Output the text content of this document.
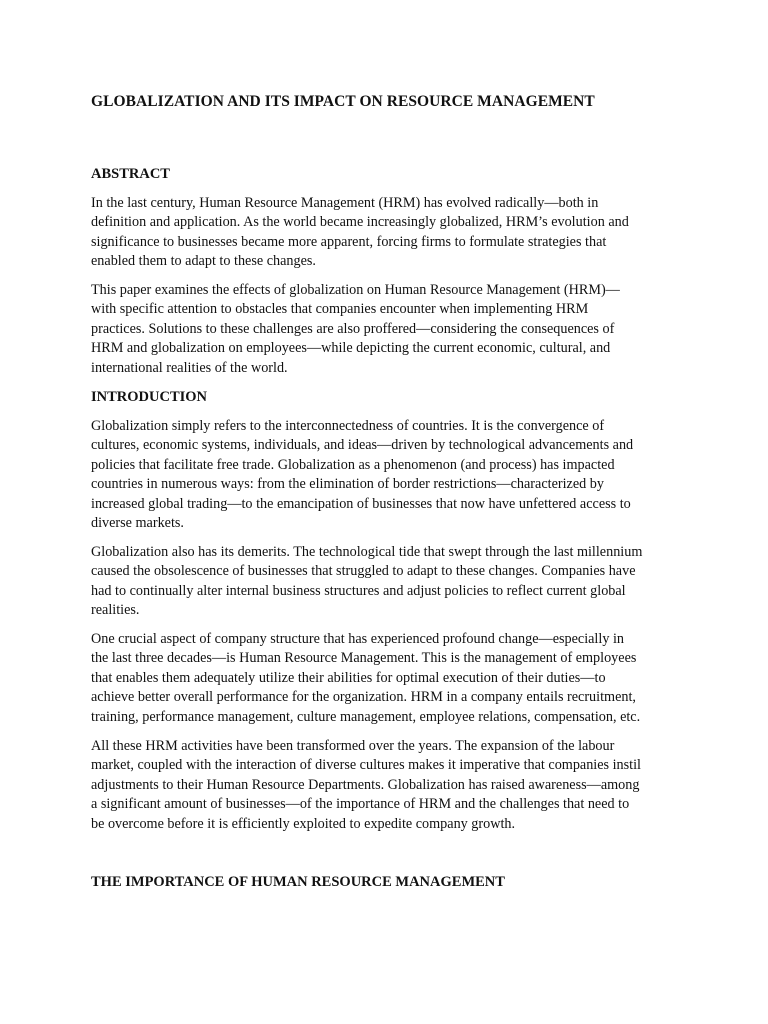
GLOBALIZATION AND ITS IMPACT ON RESOURCE MANAGEMENT
ABSTRACT

In the last century, Human Resource Management (HRM) has evolved radically—both in
definition and application. As the world became increasingly globalized, HRM’s evolution and
significance to businesses became more apparent, forcing firms to formulate strategies that
enabled them to adapt to these changes.

This paper examines the effects of globalization on Human Resource Management (HRM)—
with specific attention to obstacles that companies encounter when implementing HRM
practices. Solutions to these challenges are also proffered—considering the consequences of
HRM and globalization on employees—while depicting the current economic, cultural, and
international realities of the world.

INTRODUCTION

Globalization simply refers to the interconnectedness of countries. It is the convergence of
cultures, economic systems, individuals, and ideas—driven by technological advancements and
policies that facilitate free trade. Globalization as a phenomenon (and process) has impacted
countries in numerous ways: from the elimination of border restrictions—characterized by
increased global trading—to the emancipation of businesses that now have unfettered access to
diverse markets.

Globalization also has its demerits. The technological tide that swept through the last millennium
caused the obsolescence of businesses that struggled to adapt to these changes. Companies have
had to continually alter internal business structures and adjust policies to reflect current global
realities.

One crucial aspect of company structure that has experienced profound change—especially in
the last three decades—is Human Resource Management. This is the management of employees
that enables them adequately utilize their abilities for optimal execution of their duties—to
achieve better overall performance for the organization. HRM in a company entails recruitment,
training, performance management, culture management, employee relations, compensation, etc.

All these HRM activities have been transformed over the years. The expansion of the labour
market, coupled with the interaction of diverse cultures makes it imperative that companies instil
adjustments to their Human Resource Departments. Globalization has raised awareness—among
a significant amount of businesses—of the importance of HRM and the challenges that need to
be overcome before it is efficiently exploited to expedite company growth.

THE IMPORTANCE OF HUMAN RESOURCE MANAGEMENT
